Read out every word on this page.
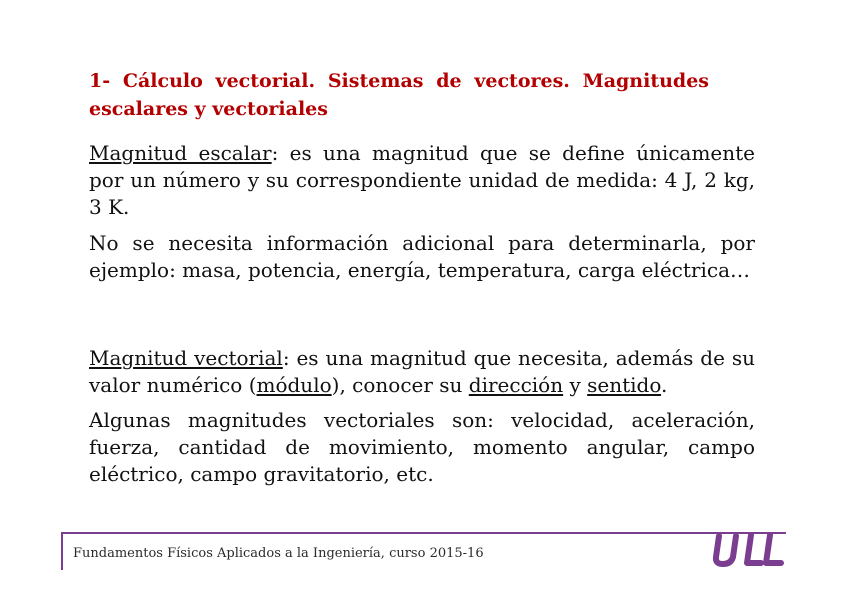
1- Cálculo vectorial. Sistemas de vectores. Magnitudes escalares y vectoriales
Magnitud escalar: es una magnitud que se define únicamente por un número y su correspondiente unidad de medida: 4 J, 2 kg, 3 K.
No se necesita información adicional para determinarla, por ejemplo: masa, potencia, energía, temperatura, carga eléctrica…
Magnitud vectorial: es una magnitud que necesita, además de su valor numérico (módulo), conocer su dirección y sentido.
Algunas magnitudes vectoriales son: velocidad, aceleración, fuerza, cantidad de movimiento, momento angular, campo eléctrico, campo gravitatorio, etc.
Fundamentos Físicos Aplicados a la Ingeniería, curso 2015-16
